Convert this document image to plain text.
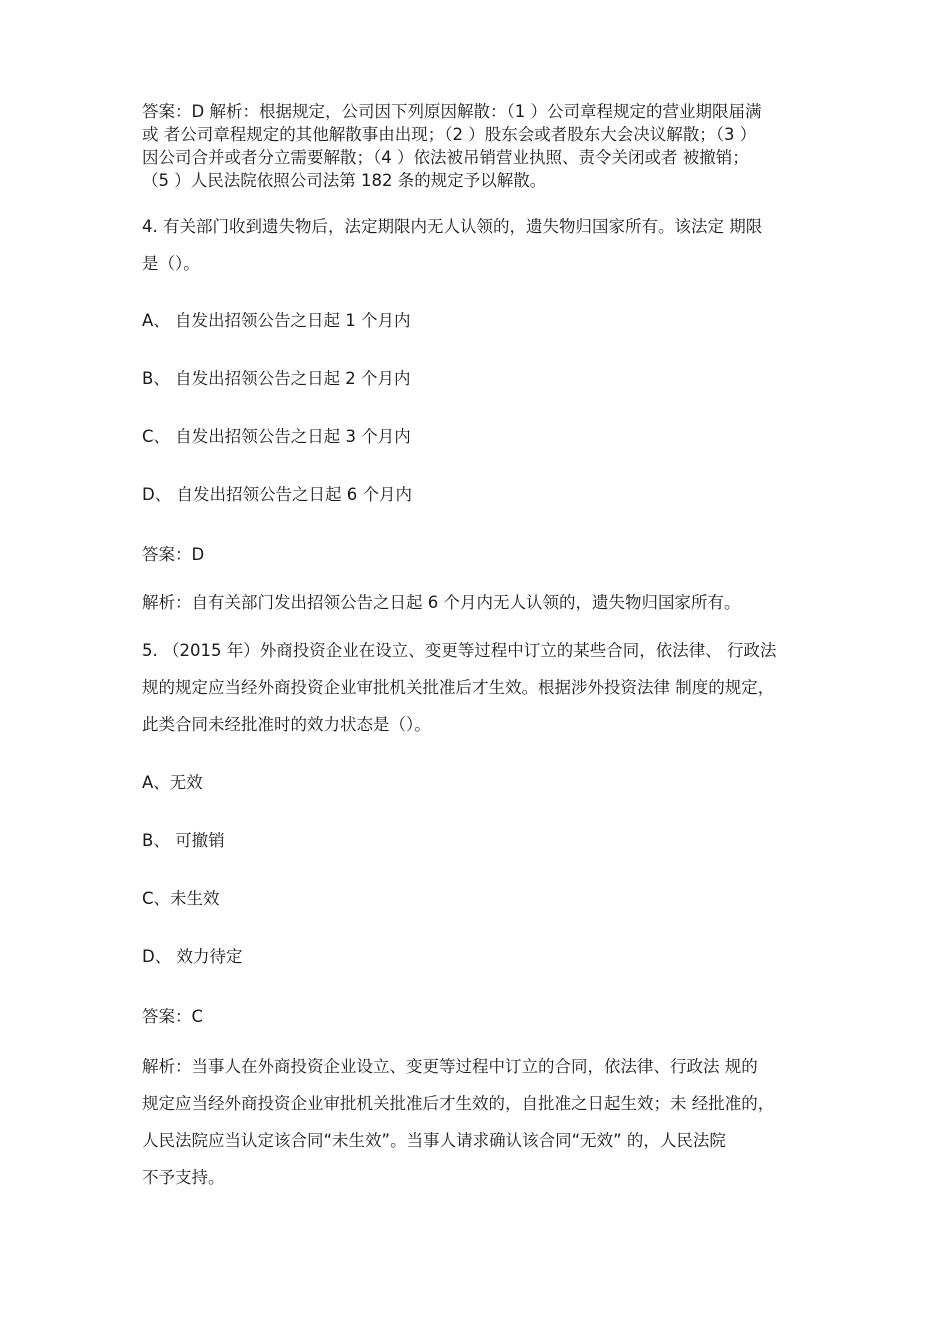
答案：D 解析：根据规定，公司因下列原因解散：（1 ）公司章程规定的营业期限届满
或 者公司章程规定的其他解散事由出现；（2 ）股东会或者股东大会决议解散；（3 ）
因公司合并或者分立需要解散；（4 ）依法被吊销营业执照、责令关闭或者 被撤销；
（5 ）人民法院依照公司法第 182 条的规定予以解散。
4. 有关部门收到遗失物后，法定期限内无人认领的，遗失物归国家所有。该法定 期限
是（）。
A、 自发出招领公告之日起 1 个月内
B、 自发出招领公告之日起 2 个月内
C、 自发出招领公告之日起 3 个月内
D、 自发出招领公告之日起 6 个月内
答案：D
解析：自有关部门发出招领公告之日起 6 个月内无人认领的，遗失物归国家所有。
5. （2015 年）外商投资企业在设立、变更等过程中订立的某些合同，依法律、 行政法
规的规定应当经外商投资企业审批机关批准后才生效。根据涉外投资法律 制度的规定，
此类合同未经批准时的效力状态是（）。
A、无效
B、 可撤销
C、未生效
D、 效力待定
答案：C
解析：当事人在外商投资企业设立、变更等过程中订立的合同，依法律、行政法 规的
规定应当经外商投资企业审批机关批准后才生效的，自批准之日起生效；未 经批准的，
人民法院应当认定该合同“未生效”。当事人请求确认该合同“无效” 的，人民法院
不予支持。
